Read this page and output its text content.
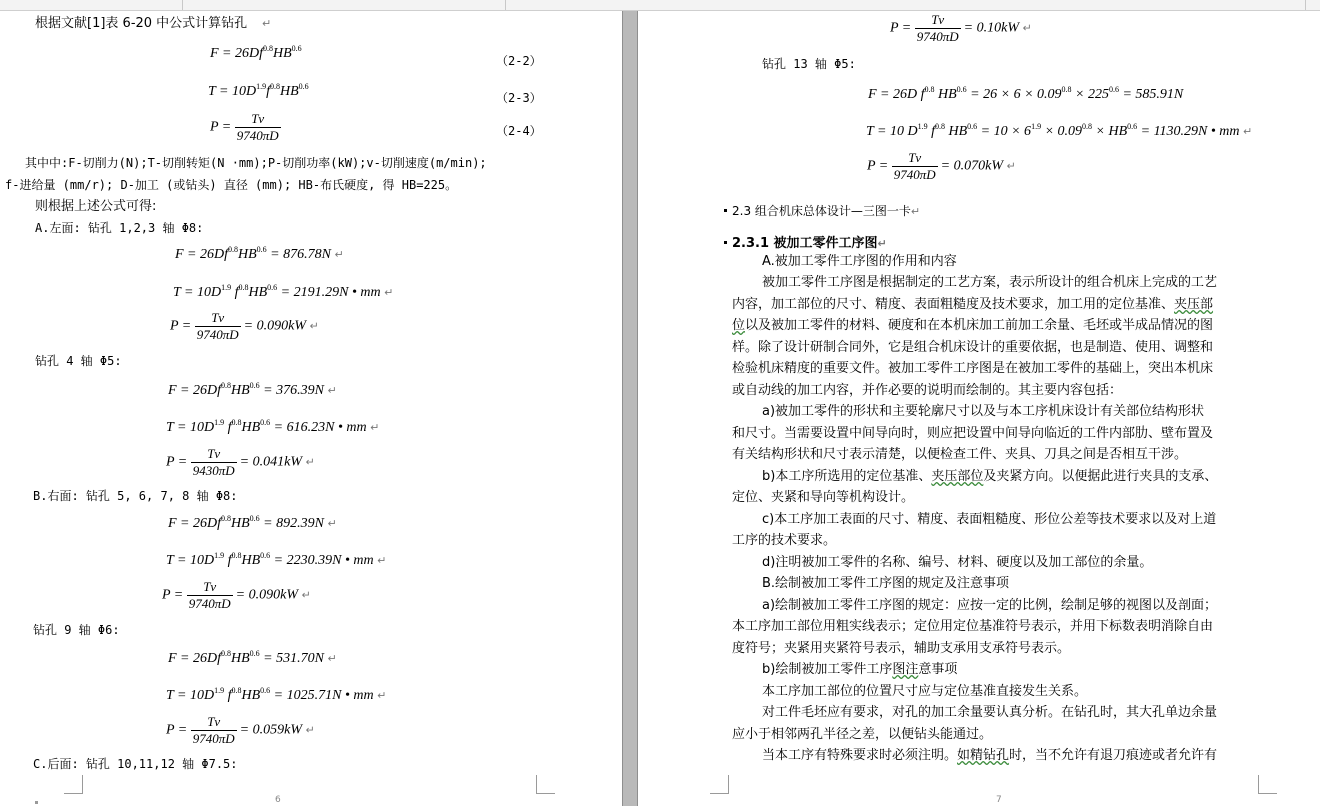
根据文献[1]表 6-20 中公式计算钻孔 ↵
$F = 26Df^{0.8}HB^{0.6}$
（2-2）
$T = 10D^{1.9}f^{0.8}HB^{0.6}$
（2-3）
$P = \frac{Tv}{9740\pi D}$	（2-4）
其中中:F-切削力(N);T-切削转矩(N ·mm);P-切削功率(kW);v-切削速度(m/min);
f-进给量 (mm/r); D-加工 (或钻头) 直径 (mm); HB-布氏硬度, 得 HB=225。
则根据上述公式可得:
A.左面: 钻孔 1,2,3 轴 Φ8:
$F = 26Df^{0.8}HB^{0.6} = 876.78N$ ↵
$T = 10D^{1.9}$ $f^{0.8}HB^{0.6} = 2191.29N$ • mm ↵
$P = \frac{Tv}{9740\pi D} = 0.090kW$ ↵
钻孔 4 轴 Φ5:
$F = 26Df^{0.8}HB^{0.6} = 376.39N$ ↵
$T = 10D^{1.9}$ $f^{0.8}HB^{0.6} = 616.23N$ • mm ↵
$P = \frac{Tv}{9430\pi D} = 0.041kW$ ↵
B.右面: 钻孔 5, 6, 7, 8 轴 Φ8:
$F = 26Df^{0.8}HB^{0.6} = 892.39N$ ↵
$T = 10D^{1.9}$ $f^{0.8}HB^{0.6} = 2230.39N$ • mm ↵
$P = \frac{Tv}{9740\pi D} = 0.090kW$ ↵
钻孔 9 轴 Φ6:
$F = 26Df^{0.8}HB^{0.6} = 531.70N$ ↵
$T = 10D^{1.9}$ $f^{0.8}HB^{0.6} = 1025.71N$ • mm ↵
$P = \frac{Tv}{9740\pi D} = 0.059kW$ ↵
C.后面: 钻孔 10,11,12 轴 Φ7.5:
6
$P = \frac{Tv}{9740\pi D} = 0.10kW$ ↵
钻孔 13 轴 Φ5:
F = 26D $f^{0.8}$ $HB^{0.6} = 26 \times 6 \times 0.09^{0.8} \times 225^{0.6} = 585.91N$
T = 10 $D^{1.9}$ $f^{0.8}$ $HB^{0.6} = 10 \times 6^{1.9} \times 0.09^{0.8} \times HB^{0.6} = 1130.29N$ • mm ↵
$P = \frac{Tv}{9740\pi D} = 0.070kW$ ↵
2.3 组合机床总体设计—三图一卡↵
2.3.1 被加工零件工序图↵
A.被加工零件工序图的作用和内容
被加工零件工序图是根据制定的工艺方案，表示所设计的组合机床上完成的工艺
内容，加工部位的尺寸、精度、表面粗糙度及技术要求，加工用的定位基准、夹压部
位以及被加工零件的材料、硬度和在本机床加工前加工余量、毛坯或半成品情况的图
样。除了设计研制合同外，它是组合机床设计的重要依据，也是制造、使用、调整和
检验机床精度的重要文件。被加工零件工序图是在被加工零件的基础上，突出本机床
或自动线的加工内容，并作必要的说明而绘制的。其主要内容包括：
a)被加工零件的形状和主要轮廓尺寸以及与本工序机床设计有关部位结构形状
和尺寸。当需要设置中间导向时，则应把设置中间导向临近的工件内部肋、壁布置及
有关结构形状和尺寸表示清楚，以便检查工件、夹具、刀具之间是否相互干涉。
b)本工序所选用的定位基准、夹压部位及夹紧方向。以便据此进行夹具的支承、
定位、夹紧和导向等机构设计。
c)本工序加工表面的尺寸、精度、表面粗糙度、形位公差等技术要求以及对上道
工序的技术要求。
d)注明被加工零件的名称、编号、材料、硬度以及加工部位的余量。
B.绘制被加工零件工序图的规定及注意事项
a)绘制被加工零件工序图的规定：应按一定的比例，绘制足够的视图以及剖面；
本工序加工部位用粗实线表示；定位用定位基准符号表示，并用下标数表明消除自由
度符号；夹紧用夹紧符号表示，辅助支承用支承符号表示。
b)绘制被加工零件工序图注意事项
本工序加工部位的位置尺寸应与定位基准直接发生关系。
对工件毛坯应有要求，对孔的加工余量要认真分析。在钻孔时，其大孔单边余量
应小于相邻两孔半径之差，以便钻头能通过。
当本工序有特殊要求时必须注明。如精钻孔时，当不允许有退刀痕迹或者允许有
7
